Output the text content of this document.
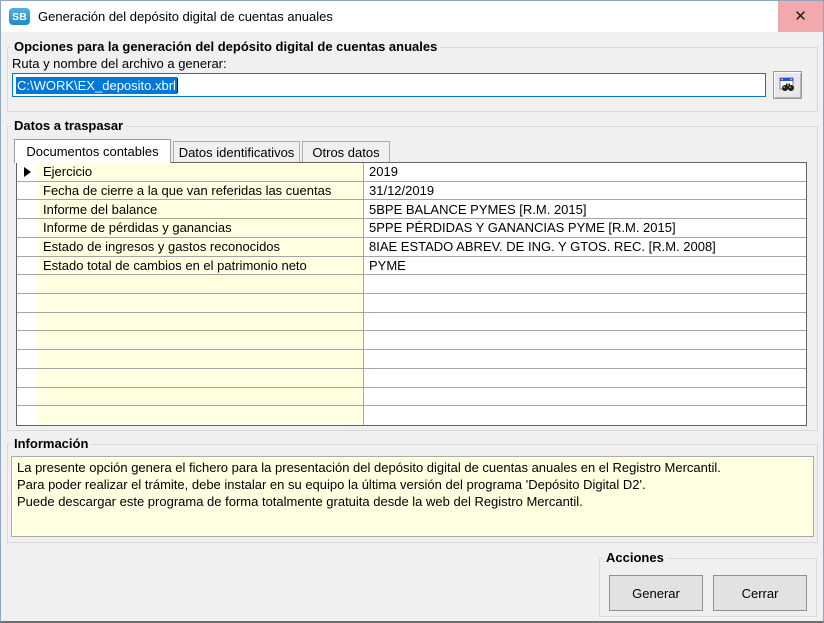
SB Generación del depósito digital de cuentas anuales	✕
Opciones para la generación del depósito digital de cuentas anuales
Ruta y nombre del archivo a generar:
C:\WORK\EX_deposito.xbrl
Datos a traspasar
Documentos contables	Datos identificativos	Otros datos
Ejercicio	2019
Fecha de cierre a la que van referidas las cuentas	31/12/2019
Informe del balance	5BPE BALANCE PYMES [R.M. 2015]
Informe de pérdidas y ganancias	5PPE PÉRDIDAS Y GANANCIAS PYME [R.M. 2015]
Estado de ingresos y gastos reconocidos	8IAE ESTADO ABREV. DE ING. Y GTOS. REC. [R.M. 2008]
Estado total de cambios en el patrimonio neto	PYME
Información
La presente opción genera el fichero para la presentación del depósito digital de cuentas anuales en el Registro Mercantil.
Para poder realizar el trámite, debe instalar en su equipo la última versión del programa 'Depósito Digital D2'.
Puede descargar este programa de forma totalmente gratuita desde la web del Registro Mercantil.
Acciones
Generar	Cerrar
